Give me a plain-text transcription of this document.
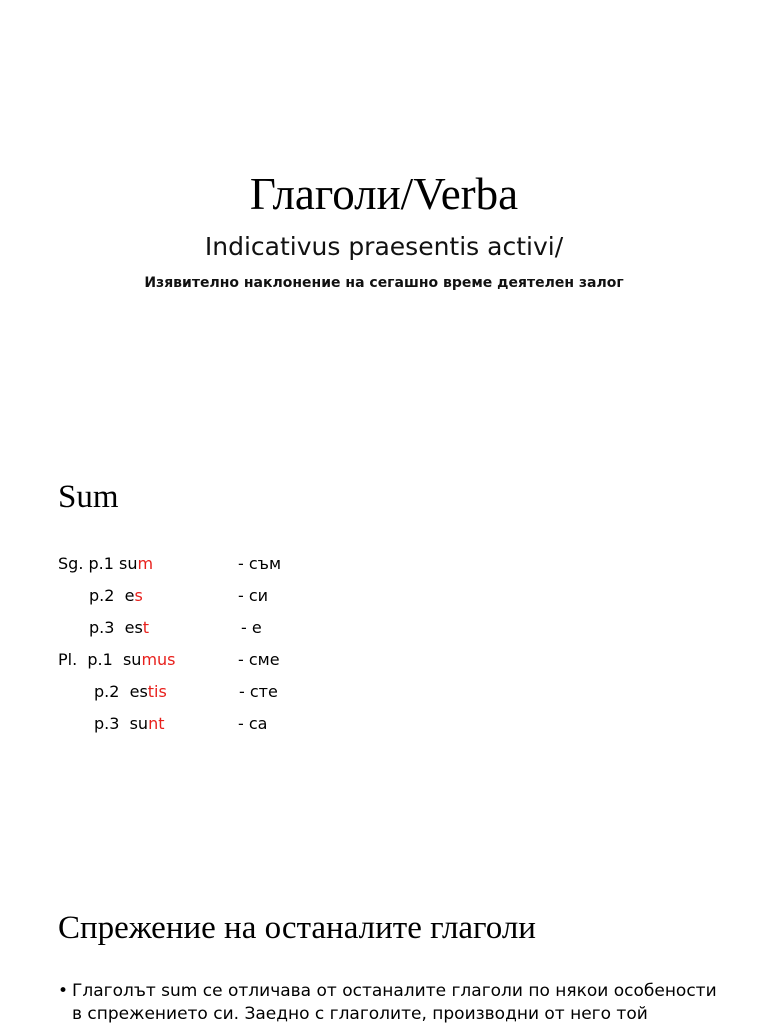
Глаголи/Verba
Indicativus praesentis activi/
Изявително наклонение на сегашно време деятелен залог
Sum
Sg. p.1 sum	- съм
p.2  es	- си
p.3  est	- е
Pl.  p.1  sumus	- сме
p.2  estis	- сте
p.3  sunt	- са
Спрежение на останалите глаголи
• Глаголът sum се отличава от останалите глаголи по някои особености
в спрежението си. Заедно с глаголите, производни от него той
